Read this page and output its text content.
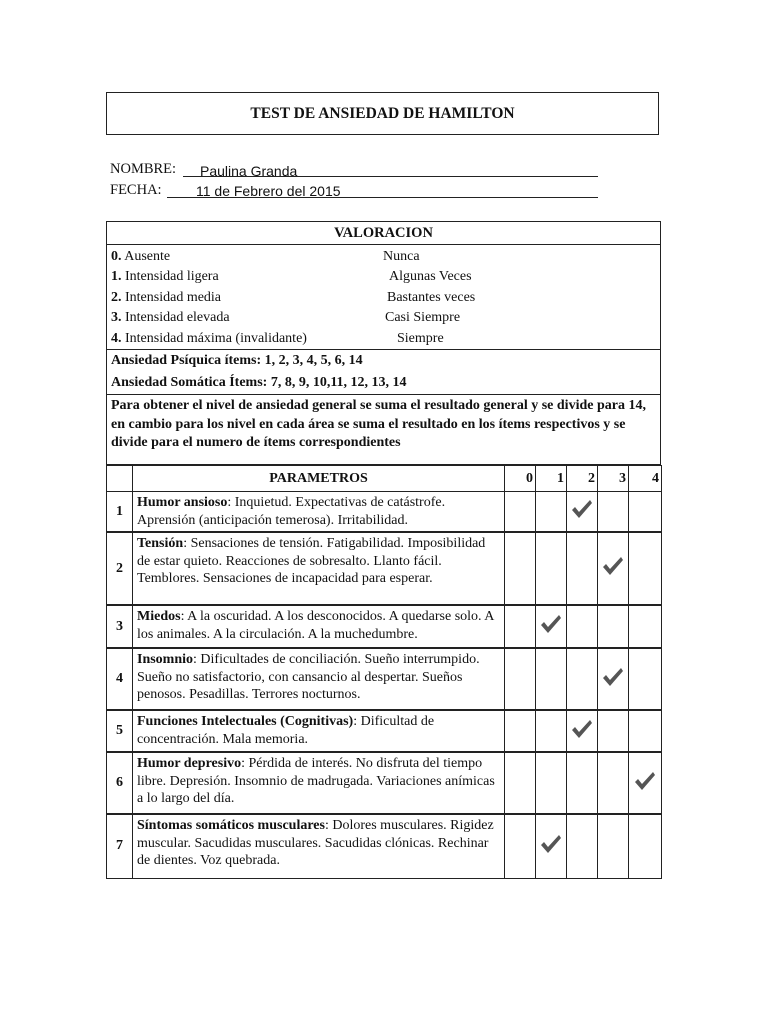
TEST DE ANSIEDAD DE HAMILTON
NOMBRE: Paulina Granda
FECHA: 11 de Febrero del 2015
VALORACION
0. Ausente	Nunca
1. Intensidad ligera	Algunas Veces
2. Intensidad media	Bastantes veces
3. Intensidad elevada	Casi Siempre
4. Intensidad máxima (invalidante)	Siempre
Ansiedad Psíquica ítems: 1, 2, 3, 4, 5, 6, 14
Ansiedad Somática Ítems: 7, 8, 9, 10,11, 12, 13, 14
Para obtener el nivel de ansiedad general se suma el resultado general y se divide para 14, en cambio para los nivel en cada área se suma el resultado en los ítems respectivos y se divide para el numero de ítems correspondientes
	PARAMETROS	0	1	2	3	4
1	Humor ansioso: Inquietud. Expectativas de catástrofe. Aprensión (anticipación temerosa). Irritabilidad.					
2	Tensión: Sensaciones de tensión. Fatigabilidad. Imposibilidad de estar quieto. Reacciones de sobresalto. Llanto fácil. Temblores. Sensaciones de incapacidad para esperar.					
3	Miedos: A la oscuridad. A los desconocidos. A quedarse solo. A los animales. A la circulación. A la muchedumbre.					
4	Insomnio: Dificultades de conciliación. Sueño interrumpido. Sueño no satisfactorio, con cansancio al despertar. Sueños penosos. Pesadillas. Terrores nocturnos.					
5	Funciones Intelectuales (Cognitivas): Dificultad de concentración. Mala memoria.					
6	Humor depresivo: Pérdida de interés. No disfruta del tiempo libre. Depresión. Insomnio de madrugada. Variaciones anímicas a lo largo del día.					
7	Síntomas somáticos musculares: Dolores musculares. Rigidez muscular. Sacudidas musculares. Sacudidas clónicas. Rechinar de dientes. Voz quebrada.					
